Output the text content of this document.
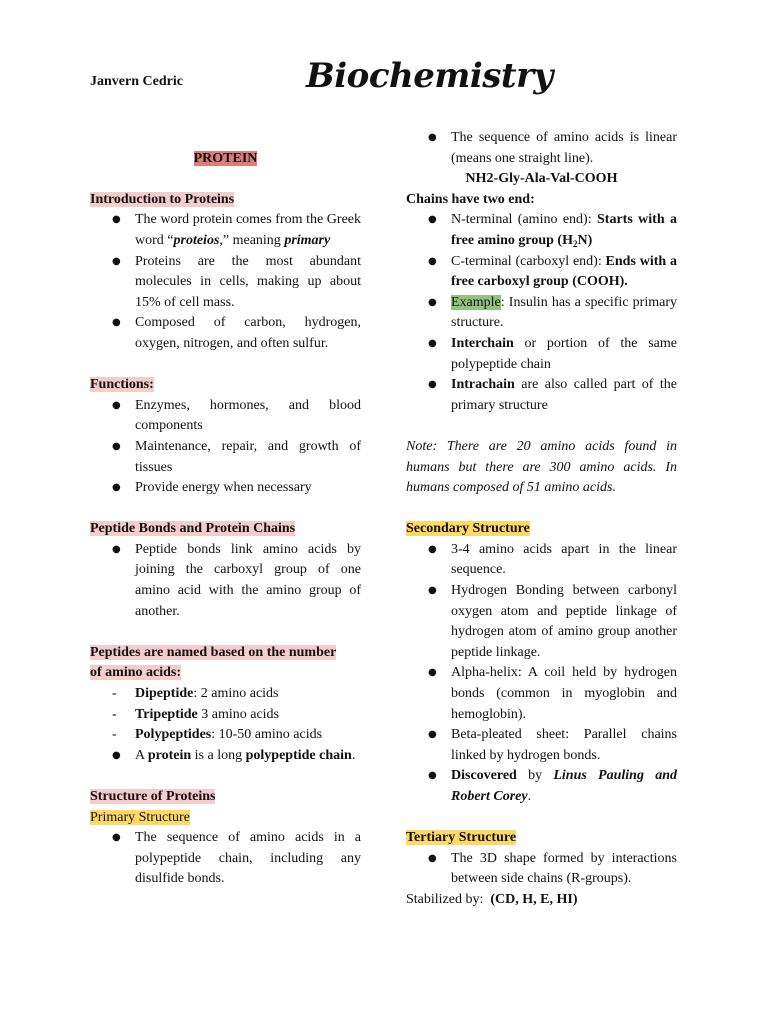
Janvern Cedric	Biochemistry

PROTEIN

Introduction to Proteins

● The word protein comes from the Greek word “proteios,” meaning primary
● Proteins are the most abundant molecules in cells, making up about 15% of cell mass.
● Composed of carbon, hydrogen, oxygen, nitrogen, and often sulfur.

Functions:

● Enzymes, hormones, and blood components
● Maintenance, repair, and growth of tissues
● Provide energy when necessary

Peptide Bonds and Protein Chains

● Peptide bonds link amino acids by joining the carboxyl group of one amino acid with the amino group of another.

Peptides are named based on the number
of amino acids:

- Dipeptide: 2 amino acids
- Tripeptide 3 amino acids
- Polypeptides: 10-50 amino acids
● A protein is a long polypeptide chain.

Structure of Proteins

Primary Structure

● The sequence of amino acids in a polypeptide chain, including any disulfide bonds.
● The sequence of amino acids is linear (means one straight line).

NH2-Gly-Ala-Val-COOH

Chains have two end:

● N-terminal (amino end): Starts with a free amino group $(H_2N)$
● C-terminal (carboxyl end): Ends with a free carboxyl group (COOH).
● Example: Insulin has a specific primary structure.
● Interchain or portion of the same polypeptide chain
● Intrachain are also called part of the primary structure

Note: There are 20 amino acids found in humans but there are 300 amino acids. In humans composed of 51 amino acids.

Secondary Structure

● 3-4 amino acids apart in the linear sequence.
● Hydrogen Bonding between carbonyl oxygen atom and peptide linkage of hydrogen atom of amino group another peptide linkage.
● Alpha-helix: A coil held by hydrogen bonds (common in myoglobin and hemoglobin).
● Beta-pleated sheet: Parallel chains linked by hydrogen bonds.
● Discovered by Linus Pauling and Robert Corey.

Tertiary Structure

● The 3D shape formed by interactions between side chains (R-groups).

Stabilized by:  (CD, H, E, HI)
